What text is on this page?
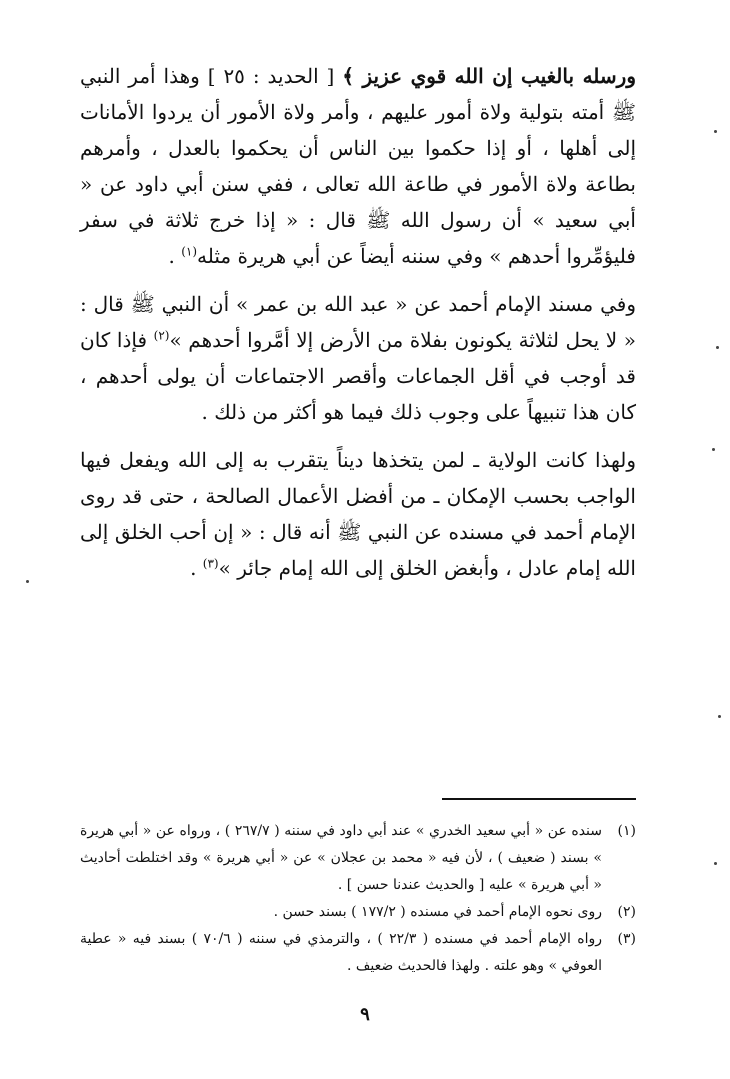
ورسله بالغيب إن الله قوي عزيز ﴾ [ الحديد : ٢٥ ] وهذا أمر النبي ﷺ أمته بتولية ولاة أمور عليهم ، وأمر ولاة الأمور أن يردوا الأمانات إلى أهلها ، أو إذا حكموا بين الناس أن يحكموا بالعدل ، وأمرهم بطاعة ولاة الأمور في طاعة الله تعالى ، ففي سنن أبي داود عن « أبي سعيد » أن رسول الله ﷺ قال : « إذا خرج ثلاثة في سفر فليؤمِّروا أحدهم » وفي سننه أيضاً عن أبي هريرة مثله$^{(١)}$ .

وفي مسند الإمام أحمد عن « عبد الله بن عمر » أن النبي ﷺ قال : « لا يحل لثلاثة يكونون بفلاة من الأرض إلا أمَّروا أحدهم »$^{(٢)}$ فإذا كان قد أوجب في أقل الجماعات وأقصر الاجتماعات أن يولى أحدهم ، كان هذا تنبيهاً على وجوب ذلك فيما هو أكثر من ذلك .

ولهذا كانت الولاية ـ لمن يتخذها ديناً يتقرب به إلى الله ويفعل فيها الواجب بحسب الإمكان ـ من أفضل الأعمال الصالحة ، حتى قد روى الإمام أحمد في مسنده عن النبي ﷺ أنه قال : « إن أحب الخلق إلى الله إمام عادل ، وأبغض الخلق إلى الله إمام جائر »$^{(٣)}$ .

(١)
سنده عن « أبي سعيد الخدري » عند أبي داود في سننه ( ٢٦٧/٧ ) ، ورواه عن « أبي هريرة » بسند ( ضعيف ) ، لأن فيه « محمد بن عجلان » عن « أبي هريرة » وقد اختلطت أحاديث « أبي هريرة » عليه [ والحديث عندنا حسن ] .
(٢)
روى نحوه الإمام أحمد في مسنده ( ١٧٧/٢ ) بسند حسن .
(٣)
رواه الإمام أحمد في مسنده ( ٢٢/٣ ) ، والترمذي في سننه ( ٧٠/٦ ) بسند فيه « عطية العوفي » وهو علته . ولهذا فالحديث ضعيف .
٩
